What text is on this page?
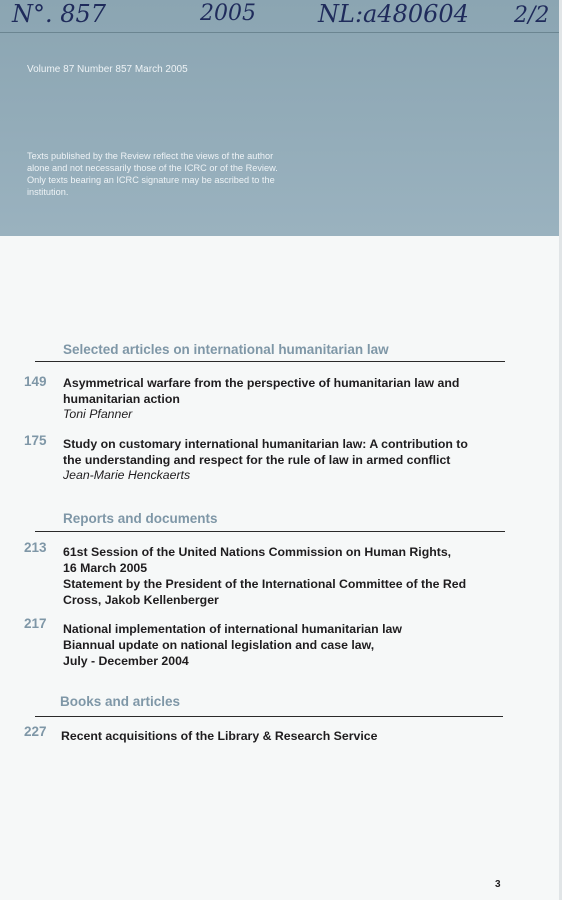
N°. 857	2005	NL:a480604 2/2
Volume 87 Number 857 March 2005
Texts published by the Review reflect the views of the author alone and not necessarily those of the ICRC or of the Review. Only texts bearing an ICRC signature may be ascribed to the institution.
Selected articles on international humanitarian law
149 Asymmetrical warfare from the perspective of humanitarian law and
humanitarian action
Toni Pfanner
175 Study on customary international humanitarian law: A contribution to
the understanding and respect for the rule of law in armed conflict
Jean-Marie Henckaerts
Reports and documents
213 61st Session of the United Nations Commission on Human Rights,
16 March 2005
Statement by the President of the International Committee of the Red
Cross, Jakob Kellenberger
217 National implementation of international humanitarian law
Biannual update on national legislation and case law,
July - December 2004
Books and articles
227 Recent acquisitions of the Library & Research Service
3
